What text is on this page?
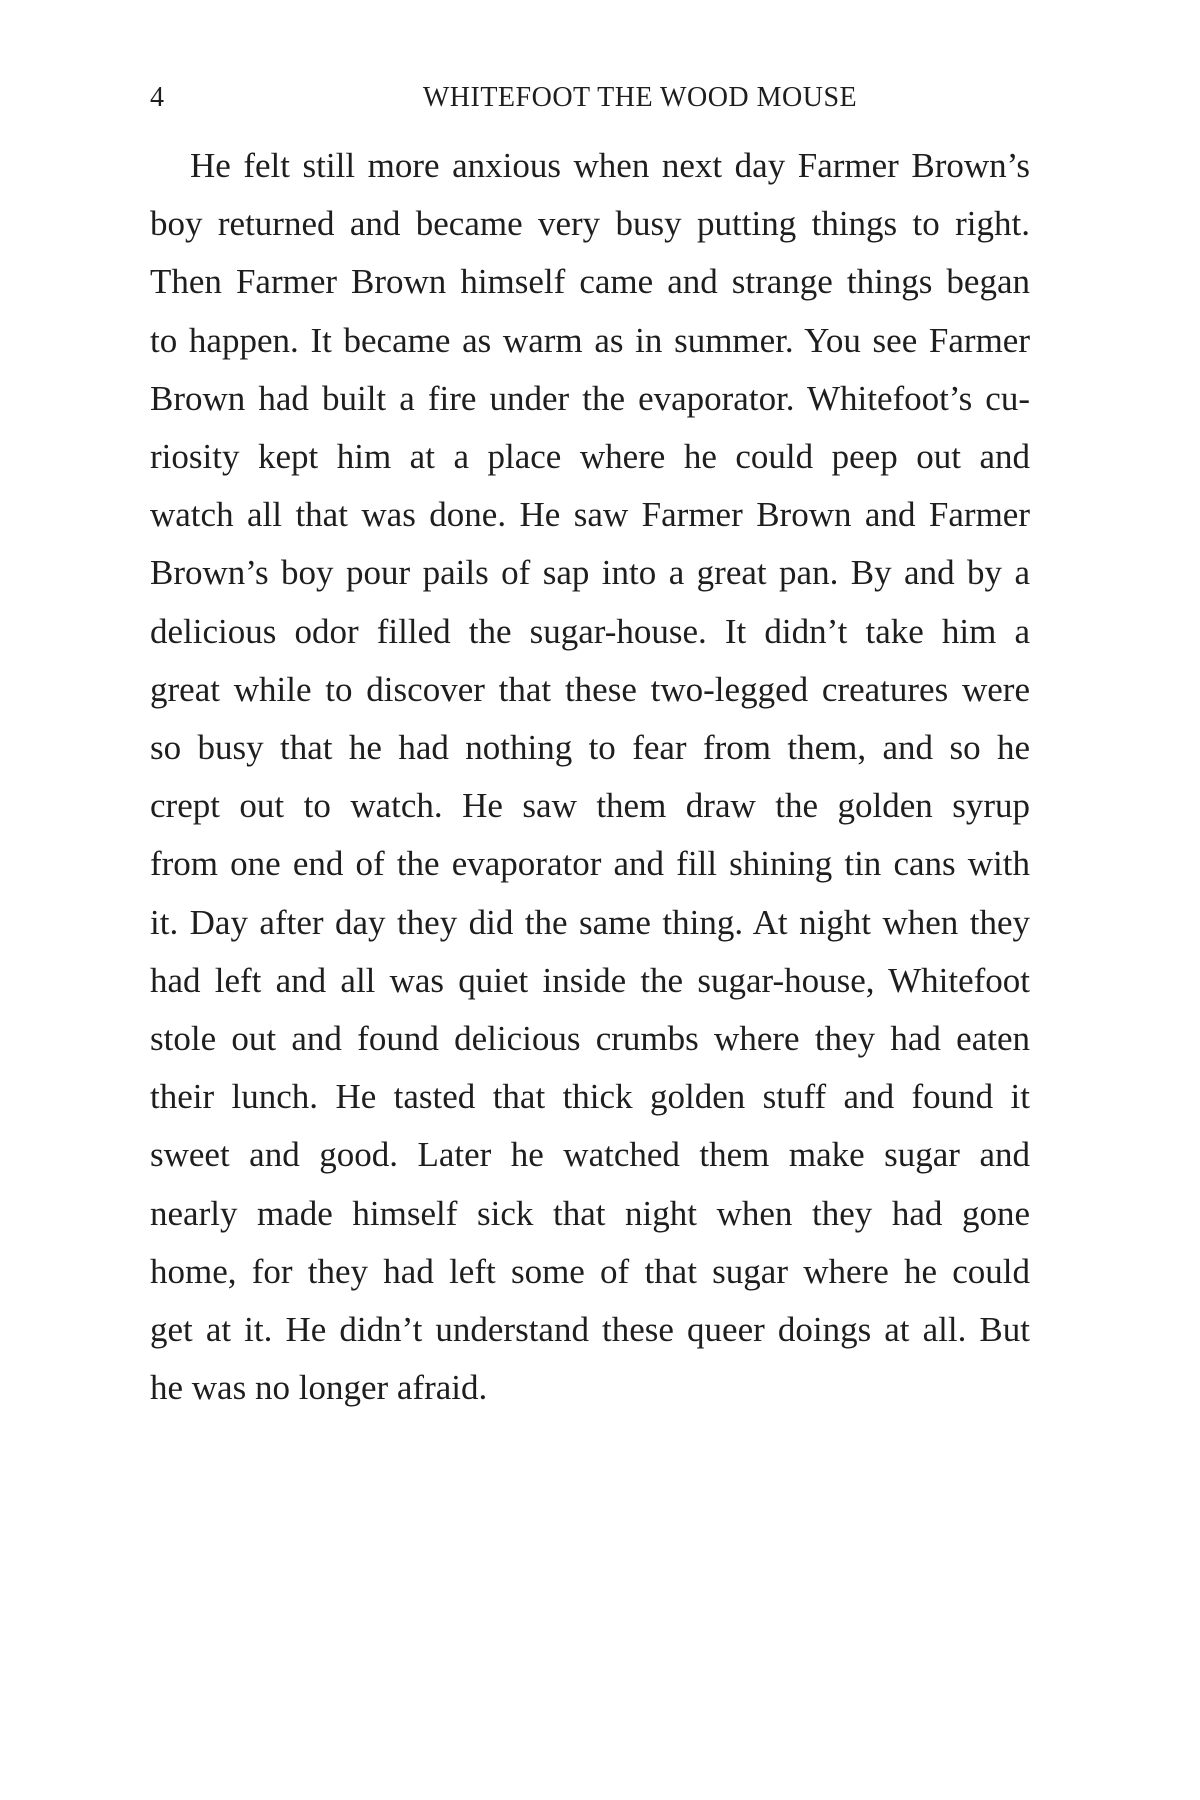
4	WHITEFOOT THE WOOD MOUSE
He felt still more anxious when next day Farmer Brown’s
boy returned and became very busy putting things to right.
Then Farmer Brown himself came and strange things began
to happen. It became as warm as in summer. You see Farmer
Brown had built a fire under the evaporator. Whitefoot’s cu-
riosity kept him at a place where he could peep out and
watch all that was done. He saw Farmer Brown and Farmer
Brown’s boy pour pails of sap into a great pan. By and by a
delicious odor filled the sugar-house. It didn’t take him a
great while to discover that these two-legged creatures were
so busy that he had nothing to fear from them, and so he
crept out to watch. He saw them draw the golden syrup
from one end of the evaporator and fill shining tin cans with
it. Day after day they did the same thing. At night when they
had left and all was quiet inside the sugar-house, Whitefoot
stole out and found delicious crumbs where they had eaten
their lunch. He tasted that thick golden stuff and found it
sweet and good. Later he watched them make sugar and
nearly made himself sick that night when they had gone
home, for they had left some of that sugar where he could
get at it. He didn’t understand these queer doings at all. But
he was no longer afraid.
